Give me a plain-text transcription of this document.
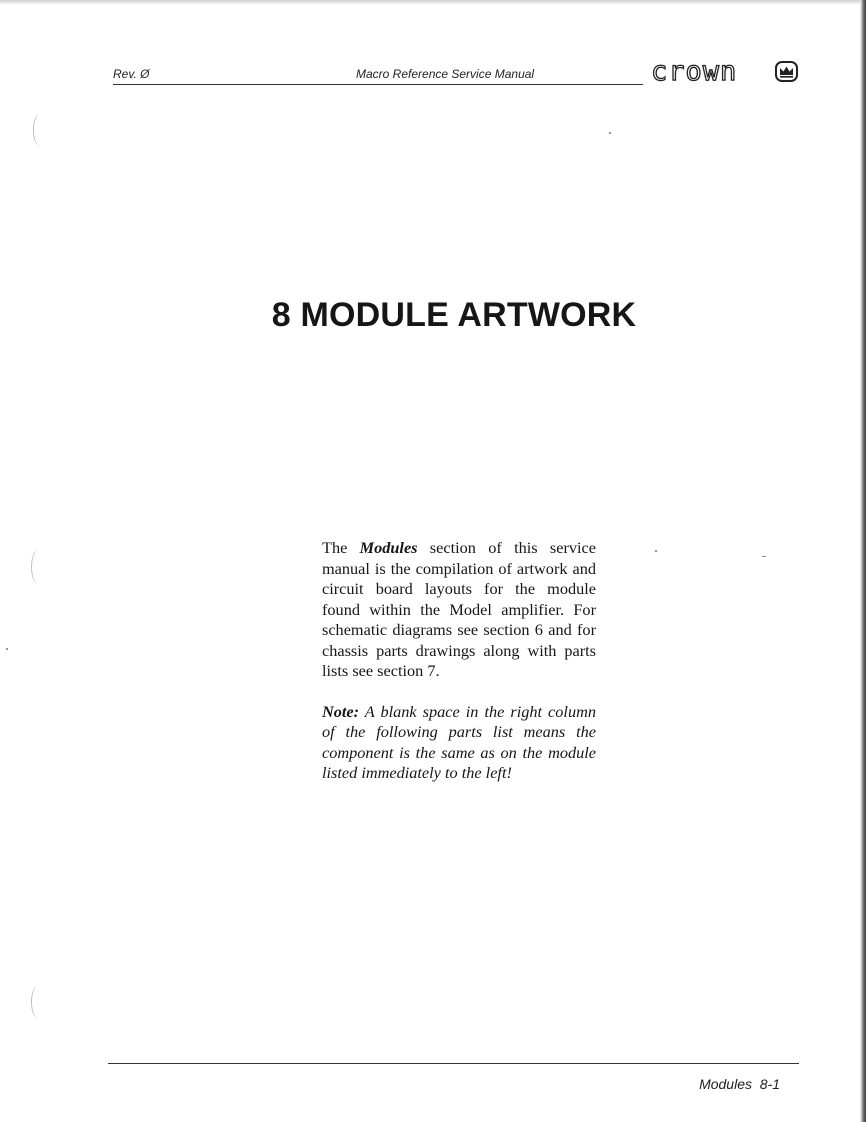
Rev. Ø	Macro Reference Service Manual	crown
8 MODULE ARTWORK

The Modules section of this service manual is the compilation of artwork and circuit board layouts for the module found within the Model amplifier. For schematic diagrams see section 6 and for chassis parts drawings along with parts lists see section 7.

Note: A blank space in the right column of the following parts list means the component is the same as on the module listed immediately to the left!

Modules  8-1
